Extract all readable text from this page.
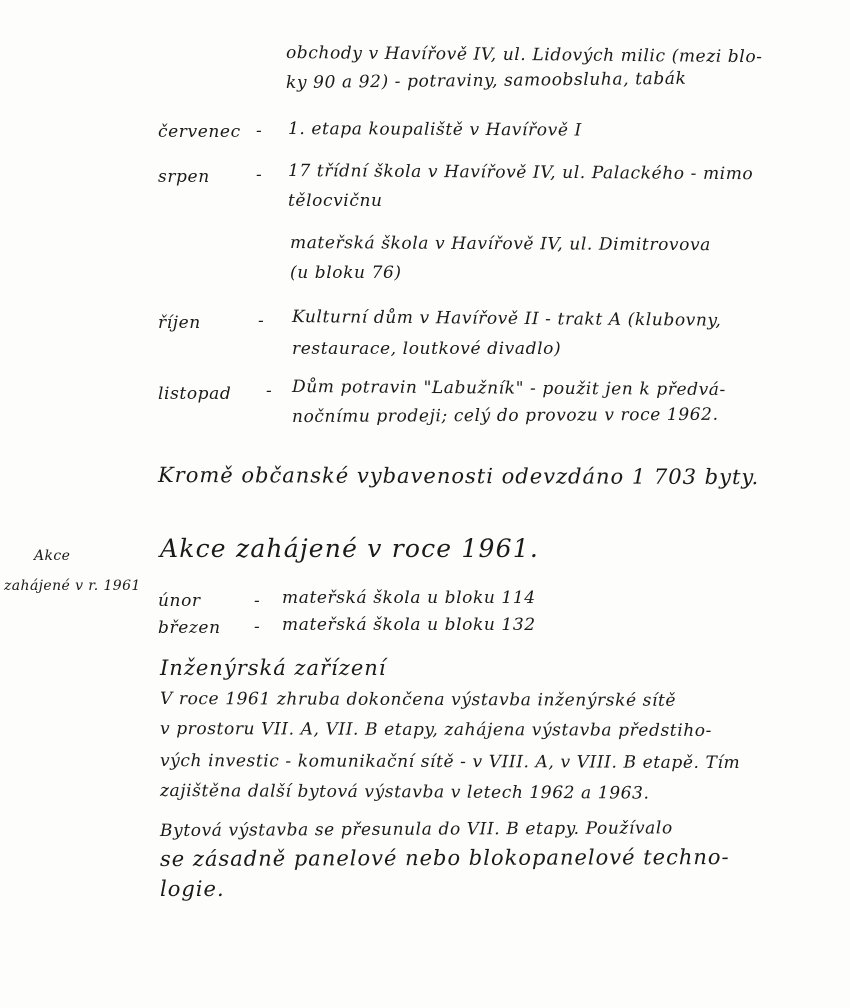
obchody v Havířově IV, ul. Lidových milic (mezi blo-
ky 90 a 92) - potraviny, samoobsluha, tabák
červenec - 1. etapa koupaliště v Havířově I
srpen	- 17 třídní škola v Havířově IV, ul. Palackého - mimo
tělocvičnu
mateřská škola v Havířově IV, ul. Dimitrovova
(u bloku 76)
říjen	- Kulturní dům v Havířově II - trakt A (klubovny,
restaurace, loutkové divadlo)
listopad - Dům potravin "Labužník" - použit jen k předvá-
nočnímu prodeji; celý do provozu v roce 1962.
Kromě občanské vybavenosti odevzdáno 1 703 byty.
Akce
zahájené v r. 1961
Akce zahájené v roce 1961.
únor	- mateřská škola u bloku 114
březen - mateřská škola u bloku 132
Inženýrská zařízení
V roce 1961 zhruba dokončena výstavba inženýrské sítě
v prostoru VII. A, VII. B etapy, zahájena výstavba předstiho-
vých investic - komunikační sítě - v VIII. A, v VIII. B etapě. Tím
zajištěna další bytová výstavba v letech 1962 a 1963.
Bytová výstavba se přesunula do VII. B etapy. Používalo
se zásadně panelové nebo blokopanelové techno-
logie.
